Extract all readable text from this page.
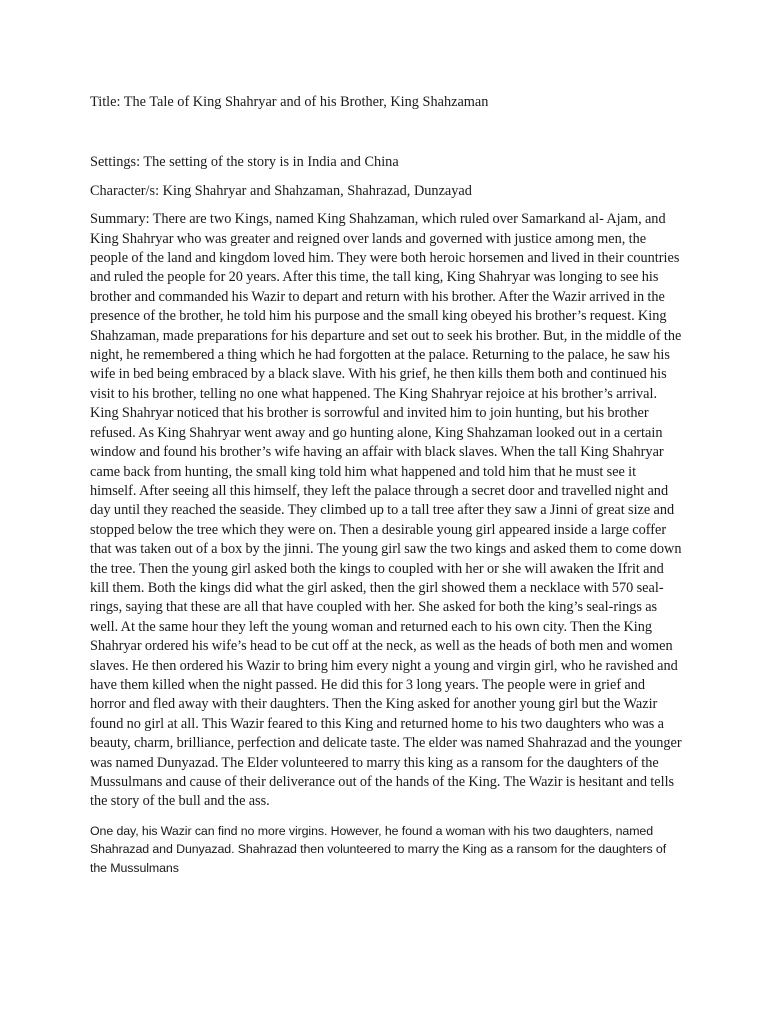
Title: The Tale of King Shahryar and of his Brother, King Shahzaman

Settings: The setting of the story is in India and China

Character/s: King Shahryar and Shahzaman, Shahrazad, Dunzayad

Summary: There are two Kings, named King Shahzaman, which ruled over Samarkand al- Ajam, and King Shahryar who was greater and reigned over lands and governed with justice among men, the people of the land and kingdom loved him. They were both heroic horsemen and lived in their countries and ruled the people for 20 years. After this time, the tall king, King Shahryar was longing to see his brother and commanded his Wazir to depart and return with his brother. After the Wazir arrived in the presence of the brother, he told him his purpose and the small king obeyed his brother’s request. King Shahzaman, made preparations for his departure and set out to seek his brother. But, in the middle of the night, he remembered a thing which he had forgotten at the palace. Returning to the palace, he saw his wife in bed being embraced by a black slave. With his grief, he then kills them both and continued his visit to his brother, telling no one what happened. The King Shahryar rejoice at his brother’s arrival. King Shahryar noticed that his brother is sorrowful and invited him to join hunting, but his brother refused. As King Shahryar went away and go hunting alone, King Shahzaman looked out in a certain window and found his brother’s wife having an affair with black slaves. When the tall King Shahryar came back from hunting, the small king told him what happened and told him that he must see it himself. After seeing all this himself, they left the palace through a secret door and travelled night and day until they reached the seaside. They climbed up to a tall tree after they saw a Jinni of great size and stopped below the tree which they were on. Then a desirable young girl appeared inside a large coffer that was taken out of a box by the jinni. The young girl saw the two kings and asked them to come down the tree. Then the young girl asked both the kings to coupled with her or she will awaken the Ifrit and kill them. Both the kings did what the girl asked, then the girl showed them a necklace with 570 seal-rings, saying that these are all that have coupled with her. She asked for both the king’s seal-rings as well. At the same hour they left the young woman and returned each to his own city. Then the King Shahryar ordered his wife’s head to be cut off at the neck, as well as the heads of both men and women slaves. He then ordered his Wazir to bring him every night a young and virgin girl, who he ravished and have them killed when the night passed. He did this for 3 long years. The people were in grief and horror and fled away with their daughters. Then the King asked for another young girl but the Wazir found no girl at all. This Wazir feared to this King and returned home to his two daughters who was a beauty, charm, brilliance, perfection and delicate taste. The elder was named Shahrazad and the younger was named Dunyazad. The Elder volunteered to marry this king as a ransom for the daughters of the Mussulmans and cause of their deliverance out of the hands of the King. The Wazir is hesitant and tells the story of the bull and the ass.

One day, his Wazir can find no more virgins. However, he found a woman with his two daughters, named Shahrazad and Dunyazad. Shahrazad then volunteered to marry the King as a ransom for the daughters of the Mussulmans
